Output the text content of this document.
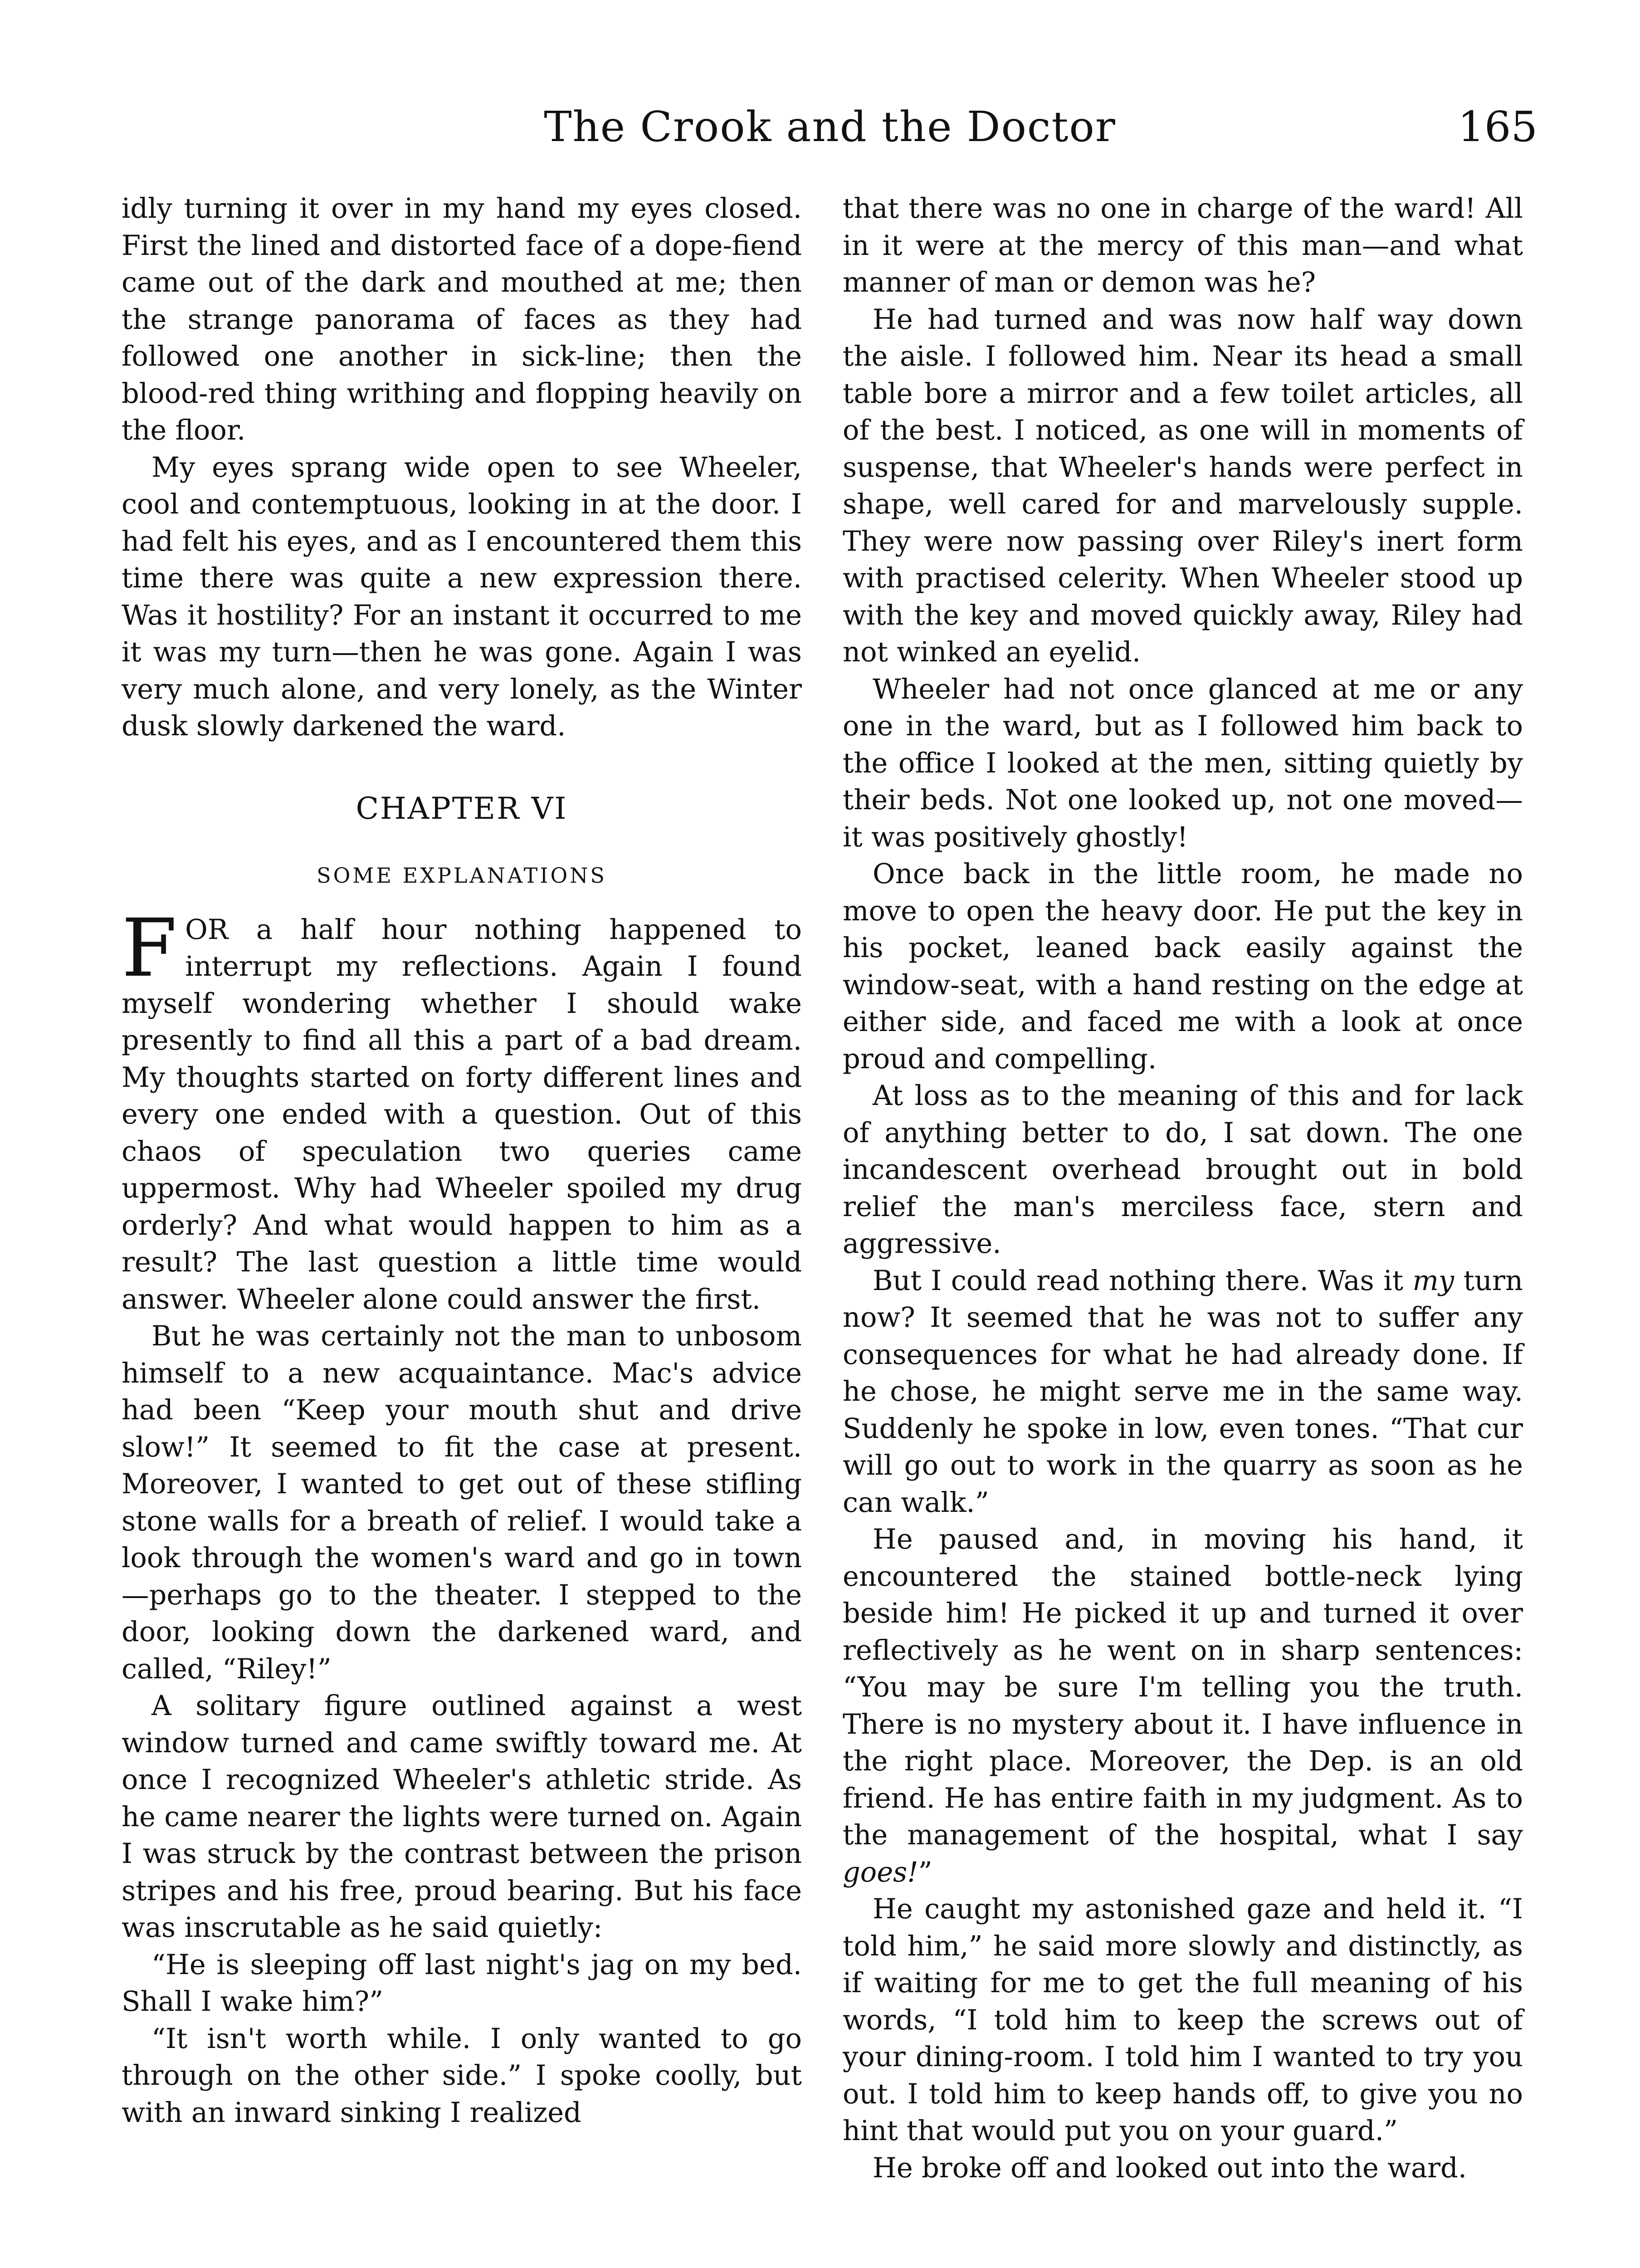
The Crook and the Doctor	165

idly turning it over in my hand my eyes closed. First the lined and distorted face of a dope-fiend came out of the dark and mouthed at me; then the strange panorama of faces as they had followed one another in sick-line; then the blood-red thing writhing and flopping heavily on the floor.

My eyes sprang wide open to see Wheeler, cool and contemptuous, looking in at the door. I had felt his eyes, and as I encountered them this time there was quite a new expression there. Was it hostility? For an instant it occurred to me it was my turn—then he was gone. Again I was very much alone, and very lonely, as the Winter dusk slowly darkened the ward.

CHAPTER VI
SOME EXPLANATIONS

FOR a half hour nothing happened to interrupt my reflections. Again I found myself wondering whether I should wake presently to find all this a part of a bad dream. My thoughts started on forty different lines and every one ended with a question. Out of this chaos of speculation two queries came uppermost. Why had Wheeler spoiled my drug orderly? And what would happen to him as a result? The last question a little time would answer. Wheeler alone could answer the first.

But he was certainly not the man to unbosom himself to a new acquaintance. Mac's advice had been “Keep your mouth shut and drive slow!” It seemed to fit the case at present. Moreover, I wanted to get out of these stifling stone walls for a breath of relief. I would take a look through the women's ward and go in town—perhaps go to the theater. I stepped to the door, looking down the darkened ward, and called, “Riley!”

A solitary figure outlined against a west window turned and came swiftly toward me. At once I recognized Wheeler's athletic stride. As he came nearer the lights were turned on. Again I was struck by the contrast between the prison stripes and his free, proud bearing. But his face was inscrutable as he said quietly:

“He is sleeping off last night's jag on my bed. Shall I wake him?”

“It isn't worth while. I only wanted to go through on the other side.” I spoke coolly, but with an inward sinking I realized

that there was no one in charge of the ward! All in it were at the mercy of this man—and what manner of man or demon was he?

He had turned and was now half way down the aisle. I followed him. Near its head a small table bore a mirror and a few toilet articles, all of the best. I noticed, as one will in moments of suspense, that Wheeler's hands were perfect in shape, well cared for and marvelously supple. They were now passing over Riley's inert form with practised celerity. When Wheeler stood up with the key and moved quickly away, Riley had not winked an eyelid.

Wheeler had not once glanced at me or any one in the ward, but as I followed him back to the office I looked at the men, sitting quietly by their beds. Not one looked up, not one moved—it was positively ghostly!

Once back in the little room, he made no move to open the heavy door. He put the key in his pocket, leaned back easily against the window-seat, with a hand resting on the edge at either side, and faced me with a look at once proud and compelling.

At loss as to the meaning of this and for lack of anything better to do, I sat down. The one incandescent overhead brought out in bold relief the man's merciless face, stern and aggressive.

But I could read nothing there. Was it my turn now? It seemed that he was not to suffer any consequences for what he had already done. If he chose, he might serve me in the same way. Suddenly he spoke in low, even tones. “That cur will go out to work in the quarry as soon as he can walk.”

He paused and, in moving his hand, it encountered the stained bottle-neck lying beside him! He picked it up and turned it over reflectively as he went on in sharp sentences: “You may be sure I'm telling you the truth. There is no mystery about it. I have influence in the right place. Moreover, the Dep. is an old friend. He has entire faith in my judgment. As to the management of the hospital, what I say goes!”

He caught my astonished gaze and held it. “I told him,” he said more slowly and distinctly, as if waiting for me to get the full meaning of his words, “I told him to keep the screws out of your dining-room. I told him I wanted to try you out. I told him to keep hands off, to give you no hint that would put you on your guard.”

He broke off and looked out into the ward.
